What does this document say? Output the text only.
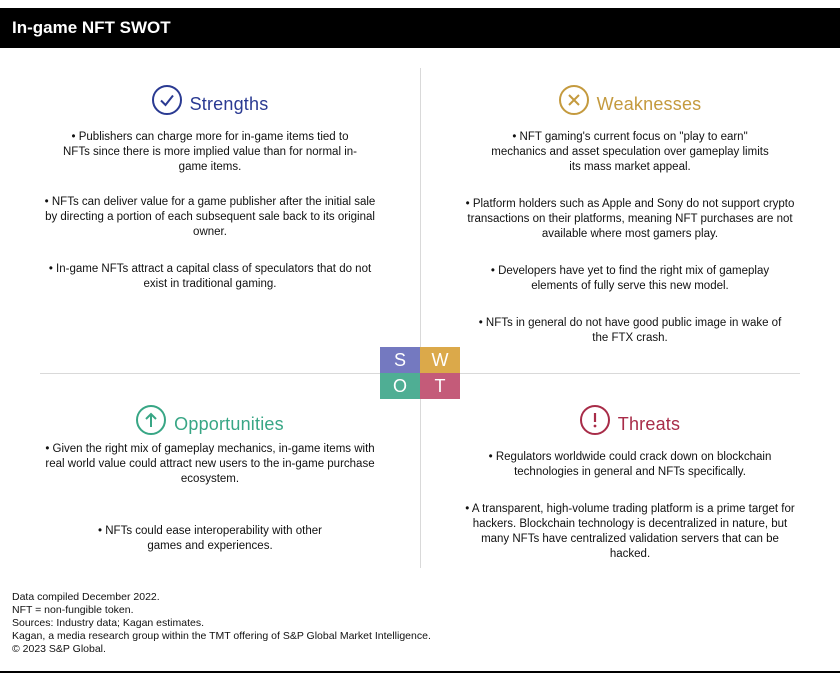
In-game NFT SWOT
Strengths

• Publishers can charge more for in-game items tied to NFTs since there is more implied value than for normal in-game items.

• NFTs can deliver value for a game publisher after the initial sale by directing a portion of each subsequent sale back to its original owner.

• In-game NFTs attract a capital class of speculators that do not exist in traditional gaming.

Weaknesses

• NFT gaming's current focus on "play to earn" mechanics and asset speculation over gameplay limits its mass market appeal.

• Platform holders such as Apple and Sony do not support crypto transactions on their platforms, meaning NFT purchases are not available where most gamers play.

• Developers have yet to find the right mix of gameplay elements of fully serve this new model.

• NFTs in general do not have good public image in wake of the FTX crash.

S	W
O	T
Opportunities

• Given the right mix of gameplay mechanics, in-game items with real world value could attract new users to the in-game purchase ecosystem.

• NFTs could ease interoperability with other games and experiences.

Threats

• Regulators worldwide could crack down on blockchain technologies in general and NFTs specifically.

• A transparent, high-volume trading platform is a prime target for hackers. Blockchain technology is decentralized in nature, but many NFTs have centralized validation servers that can be hacked.

Data compiled December 2022.
NFT = non-fungible token.
Sources: Industry data; Kagan estimates.
Kagan, a media research group within the TMT offering of S&P Global Market Intelligence.
© 2023 S&P Global.
